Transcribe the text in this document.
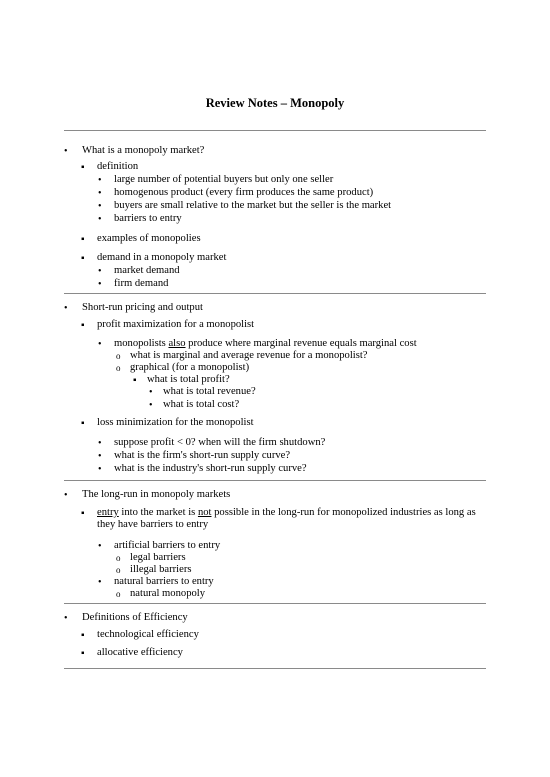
Review Notes – Monopoly
•
What is a monopoly market?
▪
definition
•
large number of potential buyers but only one seller
•
homogenous product (every firm produces the same product)
•
buyers are small relative to the market but the seller is the market
•
barriers to entry
▪
examples of monopolies
▪
demand in a monopoly market
•
market demand
•
firm demand
•
Short-run pricing and output
▪
profit maximization for a monopolist
•
monopolists also produce where marginal revenue equals marginal cost
o
what is marginal and average revenue for a monopolist?
o
graphical (for a monopolist)
▪
what is total profit?
•
what is total revenue?
•
what is total cost?
▪
loss minimization for the monopolist
•
suppose profit < 0? when will the firm shutdown?
•
what is the firm's short-run supply curve?
•
what is the industry's short-run supply curve?
•
The long-run in monopoly markets
▪
entry into the market is not possible in the long-run for monopolized industries as long as they have barriers to entry
•
artificial barriers to entry
o
legal barriers
o
illegal barriers
•
natural barriers to entry
o
natural monopoly
•
Definitions of Efficiency
▪
technological efficiency
▪
allocative efficiency
